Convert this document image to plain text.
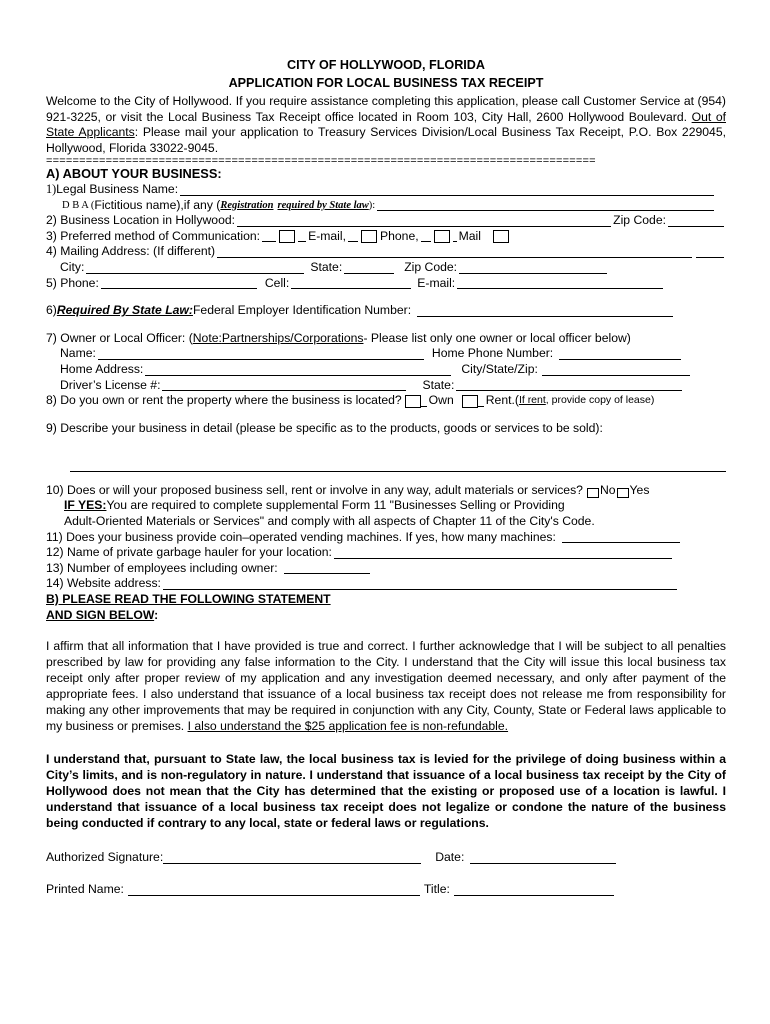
CITY OF HOLLYWOOD, FLORIDA
APPLICATION FOR LOCAL BUSINESS TAX RECEIPT
Welcome to the City of Hollywood. If you require assistance completing this application, please call Customer Service at (954) 921-3225, or visit the Local Business Tax Receipt office located in Room 103, City Hall, 2600 Hollywood Boulevard. Out of State Applicants: Please mail your application to Treasury Services Division/Local Business Tax Receipt, P.O. Box 229045, Hollywood, Florida 33022-9045.
===================================================================================
A) ABOUT YOUR BUSINESS:
1) Legal Business Name:
D B A ( Fictitious name),if any ( Registration required by State law ):
2) Business Location in Hollywood:	Zip Code:
3) Preferred method of Communication:	E-mail,	Phone,	Mail
4) Mailing Address: (If different)
City:	State:	Zip Code:
5) Phone:	Cell:	E-mail:
6) Required By State Law: Federal Employer Identification Number:
7) Owner or Local Officer: ( Note: Partnerships/Corporations - Please list only one owner or local officer below)
Name:	Home Phone Number:
Home Address:	City/State/Zip:
Driver’s License #:	State:
8) Do you own or rent the property where the business is located? Own	Rent.( If rent , provide copy of lease)
9) Describe your business in detail (please be specific as to the products, goods or services to be sold):
10) Does or will your proposed business sell, rent or involve in any way, adult materials or services? No Yes
IF YES: You are required to complete supplemental Form 11 "Businesses Selling or Providing
Adult-Oriented Materials or Services" and comply with all aspects of Chapter 11 of the City's Code.
11) Does your business provide coin–operated vending machines. If yes, how many machines:
12) Name of private garbage hauler for your location:
13) Number of employees including owner:
14) Website address:
B) PLEASE READ THE FOLLOWING STATEMENT
AND SIGN BELOW:
I affirm that all information that I have provided is true and correct. I further acknowledge that I will be subject to all penalties prescribed by law for providing any false information to the City. I understand that the City will issue this local business tax receipt only after proper review of my application and any investigation deemed necessary, and only after payment of the appropriate fees. I also understand that issuance of a local business tax receipt does not release me from responsibility for making any other improvements that may be required in conjunction with any City, County, State or Federal laws applicable to my business or premises. I also understand the $25 application fee is non-refundable.
I understand that, pursuant to State law, the local business tax is levied for the privilege of doing business within a City’s limits, and is non-regulatory in nature. I understand that issuance of a local business tax receipt by the City of Hollywood does not mean that the City has determined that the existing or proposed use of a location is lawful. I understand that issuance of a local business tax receipt does not legalize or condone the nature of the business being conducted if contrary to any local, state or federal laws or regulations.
Authorized Signature:	Date:
Printed Name:	Title:
